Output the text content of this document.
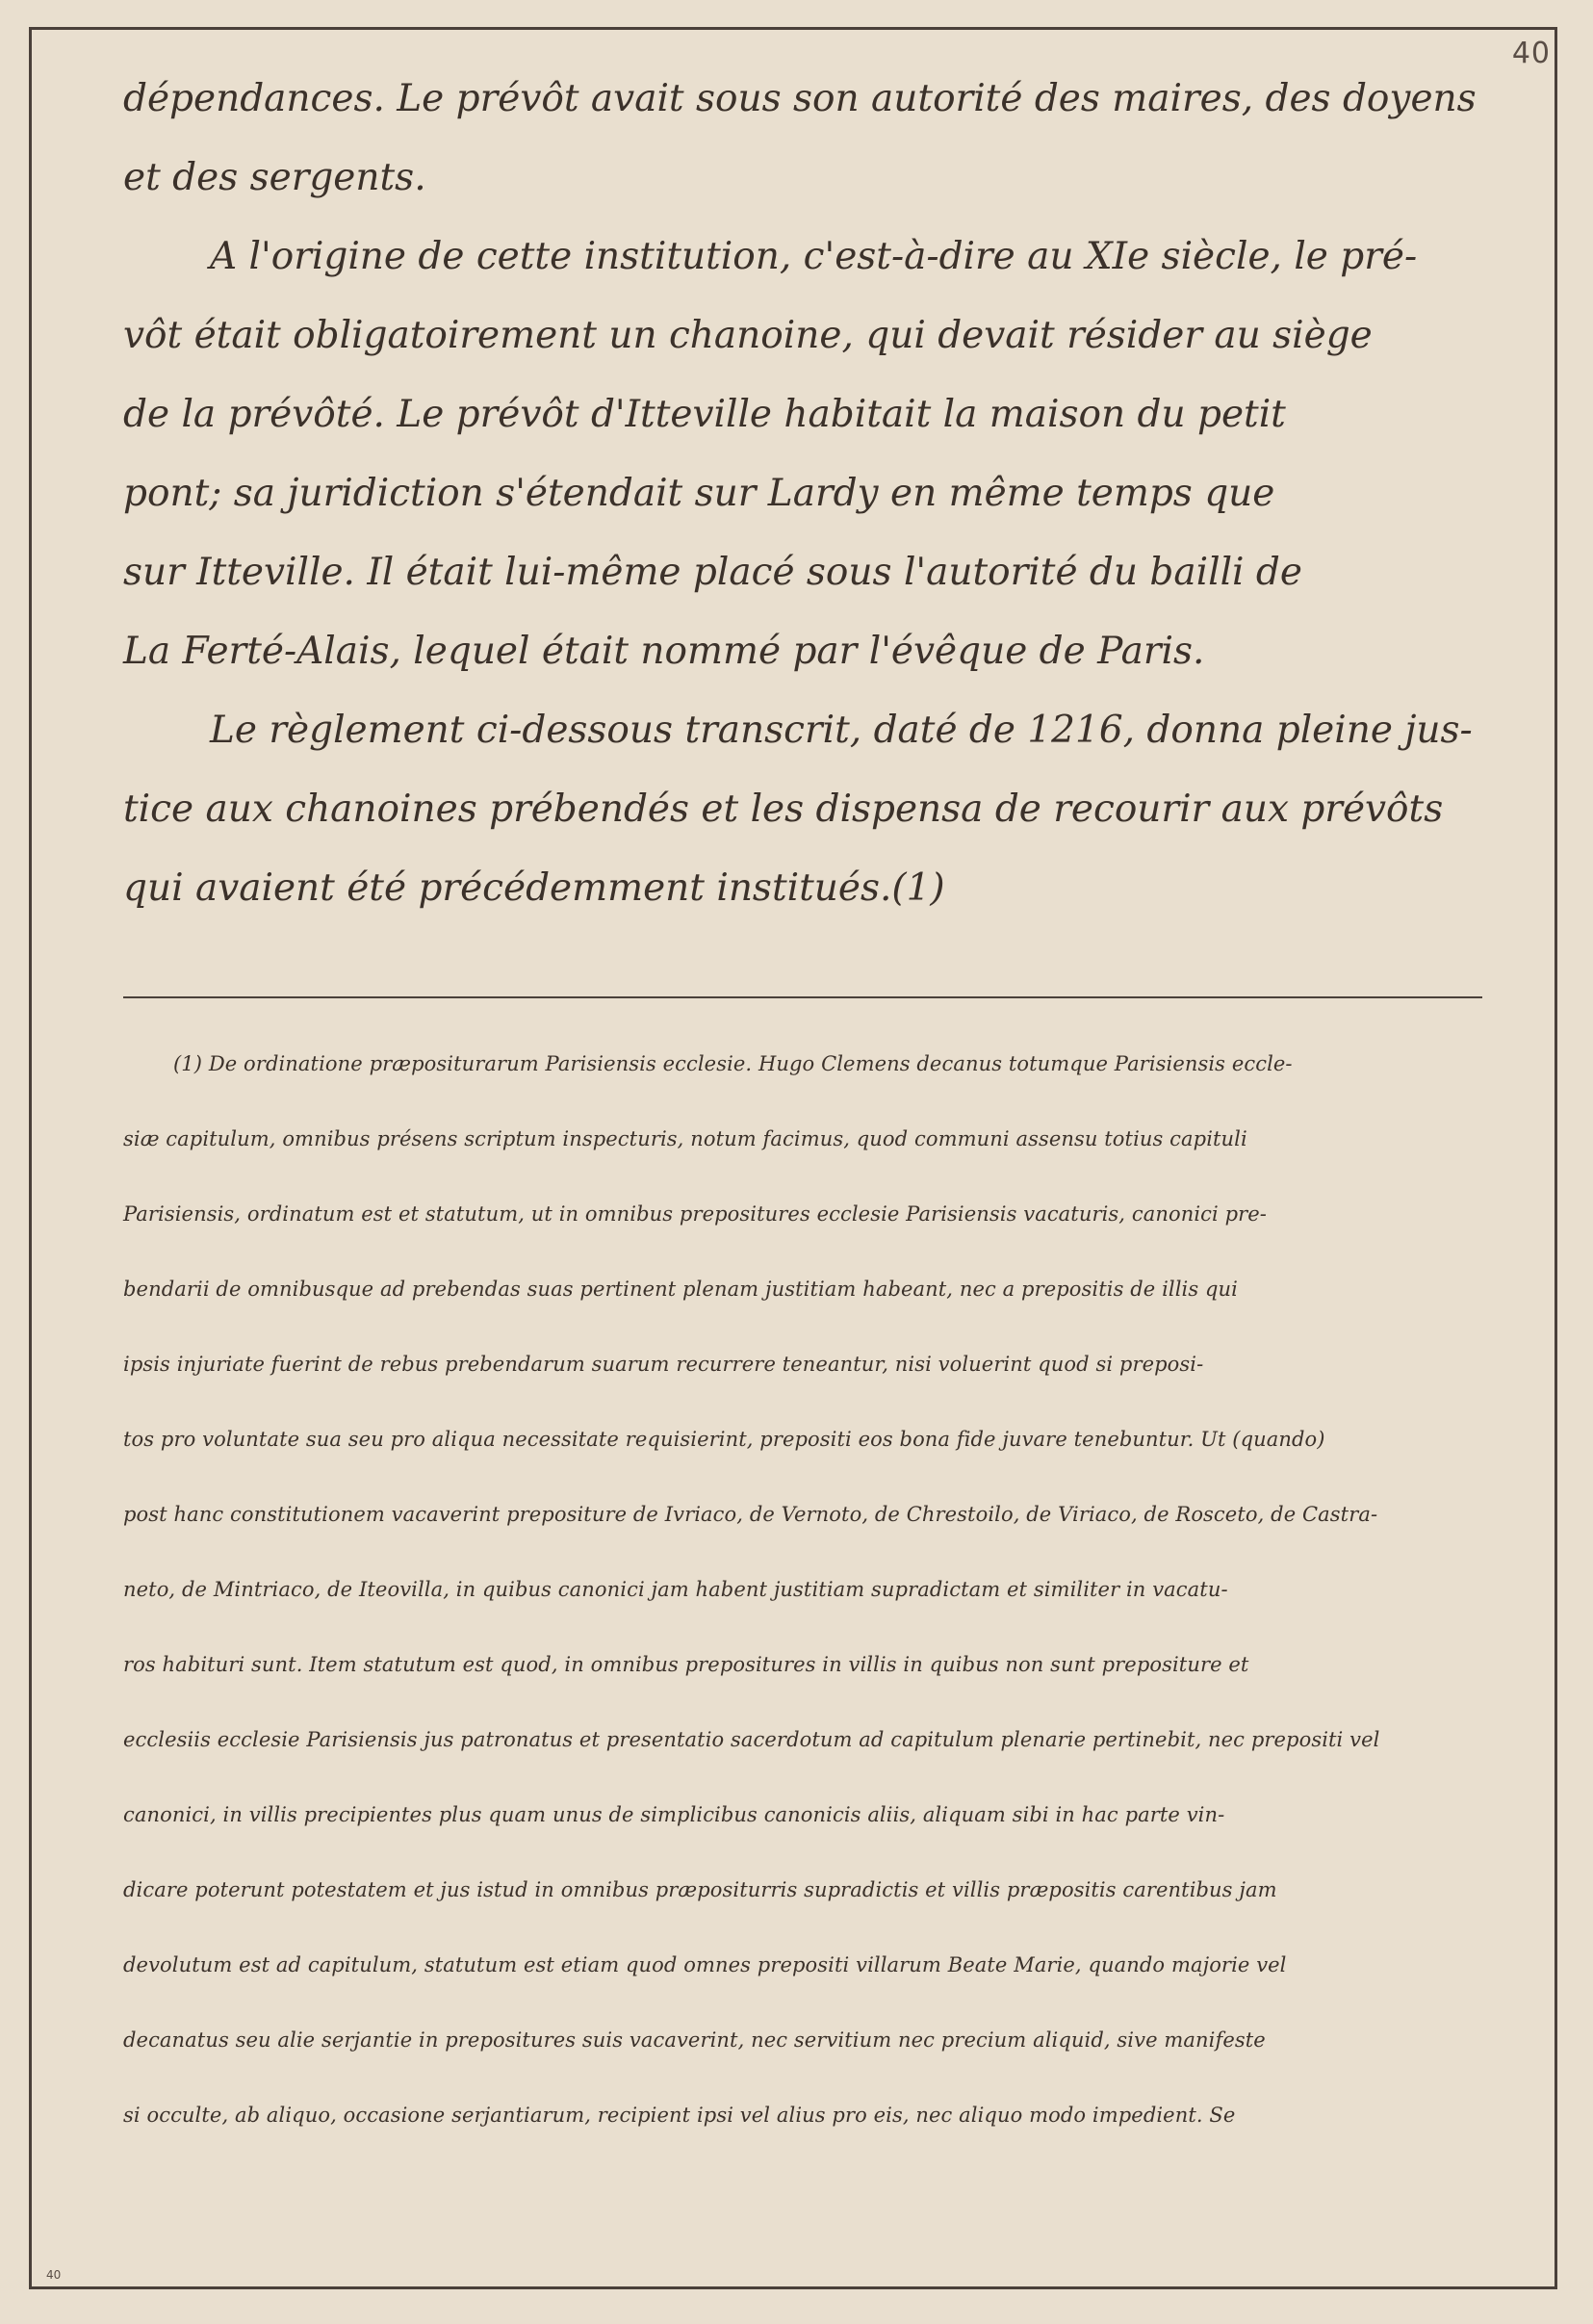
40
dépendances. Le prévôt avait sous son autorité des maires, des doyens
et des sergents.
A l'origine de cette institution, c'est-à-dire au XIe siècle, le pré-
vôt était obligatoirement un chanoine, qui devait résider au siège
de la prévôté. Le prévôt d'Itteville habitait la maison du petit
pont; sa juridiction s'étendait sur Lardy en même temps que
sur Itteville. Il était lui-même placé sous l'autorité du bailli de
La Ferté-Alais, lequel était nommé par l'évêque de Paris.
Le règlement ci-dessous transcrit, daté de 1216, donna pleine jus-
tice aux chanoines prébendés et les dispensa de recourir aux prévôts
qui avaient été précédemment institués.(1)
(1) De ordinatione præpositurarum Parisiensis ecclesie. Hugo Clemens decanus totumque Parisiensis eccle-
siæ capitulum, omnibus présens scriptum inspecturis, notum facimus, quod communi assensu totius capituli
Parisiensis, ordinatum est et statutum, ut in omnibus prepositures ecclesie Parisiensis vacaturis, canonici pre-
bendarii de omnibusque ad prebendas suas pertinent plenam justitiam habeant, nec a prepositis de illis qui
ipsis injuriate fuerint de rebus prebendarum suarum recurrere teneantur, nisi voluerint quod si preposi-
tos pro voluntate sua seu pro aliqua necessitate requisierint, prepositi eos bona fide juvare tenebuntur. Ut (quando)
post hanc constitutionem vacaverint prepositure de Ivriaco, de Vernoto, de Chrestoilo, de Viriaco, de Rosceto, de Castra-
neto, de Mintriaco, de Iteovilla, in quibus canonici jam habent justitiam supradictam et similiter in vacatu-
ros habituri sunt. Item statutum est quod, in omnibus prepositures in villis in quibus non sunt prepositure et
ecclesiis ecclesie Parisiensis jus patronatus et presentatio sacerdotum ad capitulum plenarie pertinebit, nec prepositi vel
canonici, in villis precipientes plus quam unus de simplicibus canonicis aliis, aliquam sibi in hac parte vin-
dicare poterunt potestatem et jus istud in omnibus præpositurris supradictis et villis præpositis carentibus jam
devolutum est ad capitulum, statutum est etiam quod omnes prepositi villarum Beate Marie, quando majorie vel
decanatus seu alie serjantie in prepositures suis vacaverint, nec servitium nec precium aliquid, sive manifeste
si occulte, ab aliquo, occasione serjantiarum, recipient ipsi vel alius pro eis, nec aliquo modo impedient. Se
40
